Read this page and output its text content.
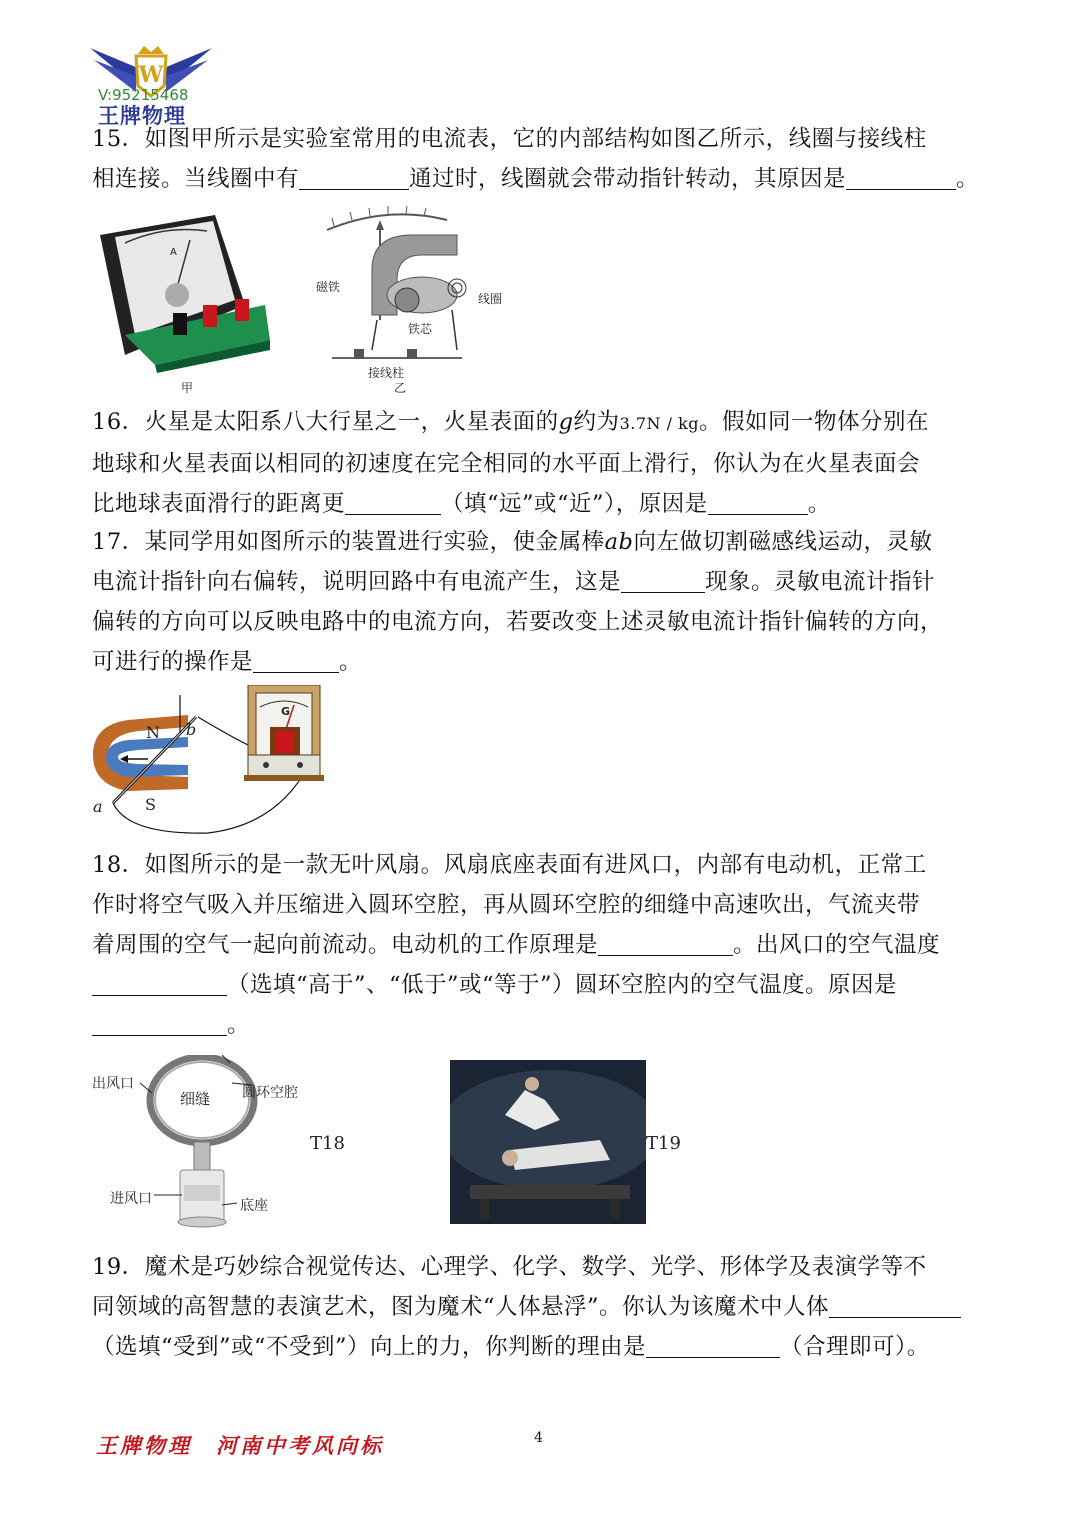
W
V:95215468
王牌物理

15．如图甲所示是实验室常用的电流表，它的内部结构如图乙所示，线圈与接线柱

相连接。当线圈中有	通过时，线圈就会带动指针转动，其原因是	。

A
甲
磁铁
线圈
铁芯
接线柱
乙

16．火星是太阳系八大行星之一，火星表面的g约为3.7N / kg。假如同一物体分别在

地球和火星表面以相同的初速度在完全相同的水平面上滑行，你认为在火星表面会

比地球表面滑行的距离更	（填“远”或“近”），原因是	。

17．某同学用如图所示的装置进行实验，使金属棒ab向左做切割磁感线运动，灵敏

电流计指针向右偏转，说明回路中有电流产生，这是	现象。灵敏电流计指针

偏转的方向可以反映电路中的电流方向，若要改变上述灵敏电流计指针偏转的方向，

可进行的操作是	。

N
S
a
b
G

18．如图所示的是一款无叶风扇。风扇底座表面有进风口，内部有电动机，正常工

作时将空气吸入并压缩进入圆环空腔，再从圆环空腔的细缝中高速吹出，气流夹带

着周围的空气一起向前流动。电动机的工作原理是	。出风口的空气温度

（选填“高于”、“低于”或“等于”）圆环空腔内的空气温度。原因是

。

出风口
细缝 圆环空腔
进风口	底座
T18	T19

19．魔术是巧妙综合视觉传达、心理学、化学、数学、光学、形体学及表演学等不

同领域的高智慧的表演艺术，图为魔术“人体悬浮”。你认为该魔术中人体

（选填“受到”或“不受到”）向上的力，你判断的理由是	（合理即可）。

王牌物理　河南中考风向标	4
